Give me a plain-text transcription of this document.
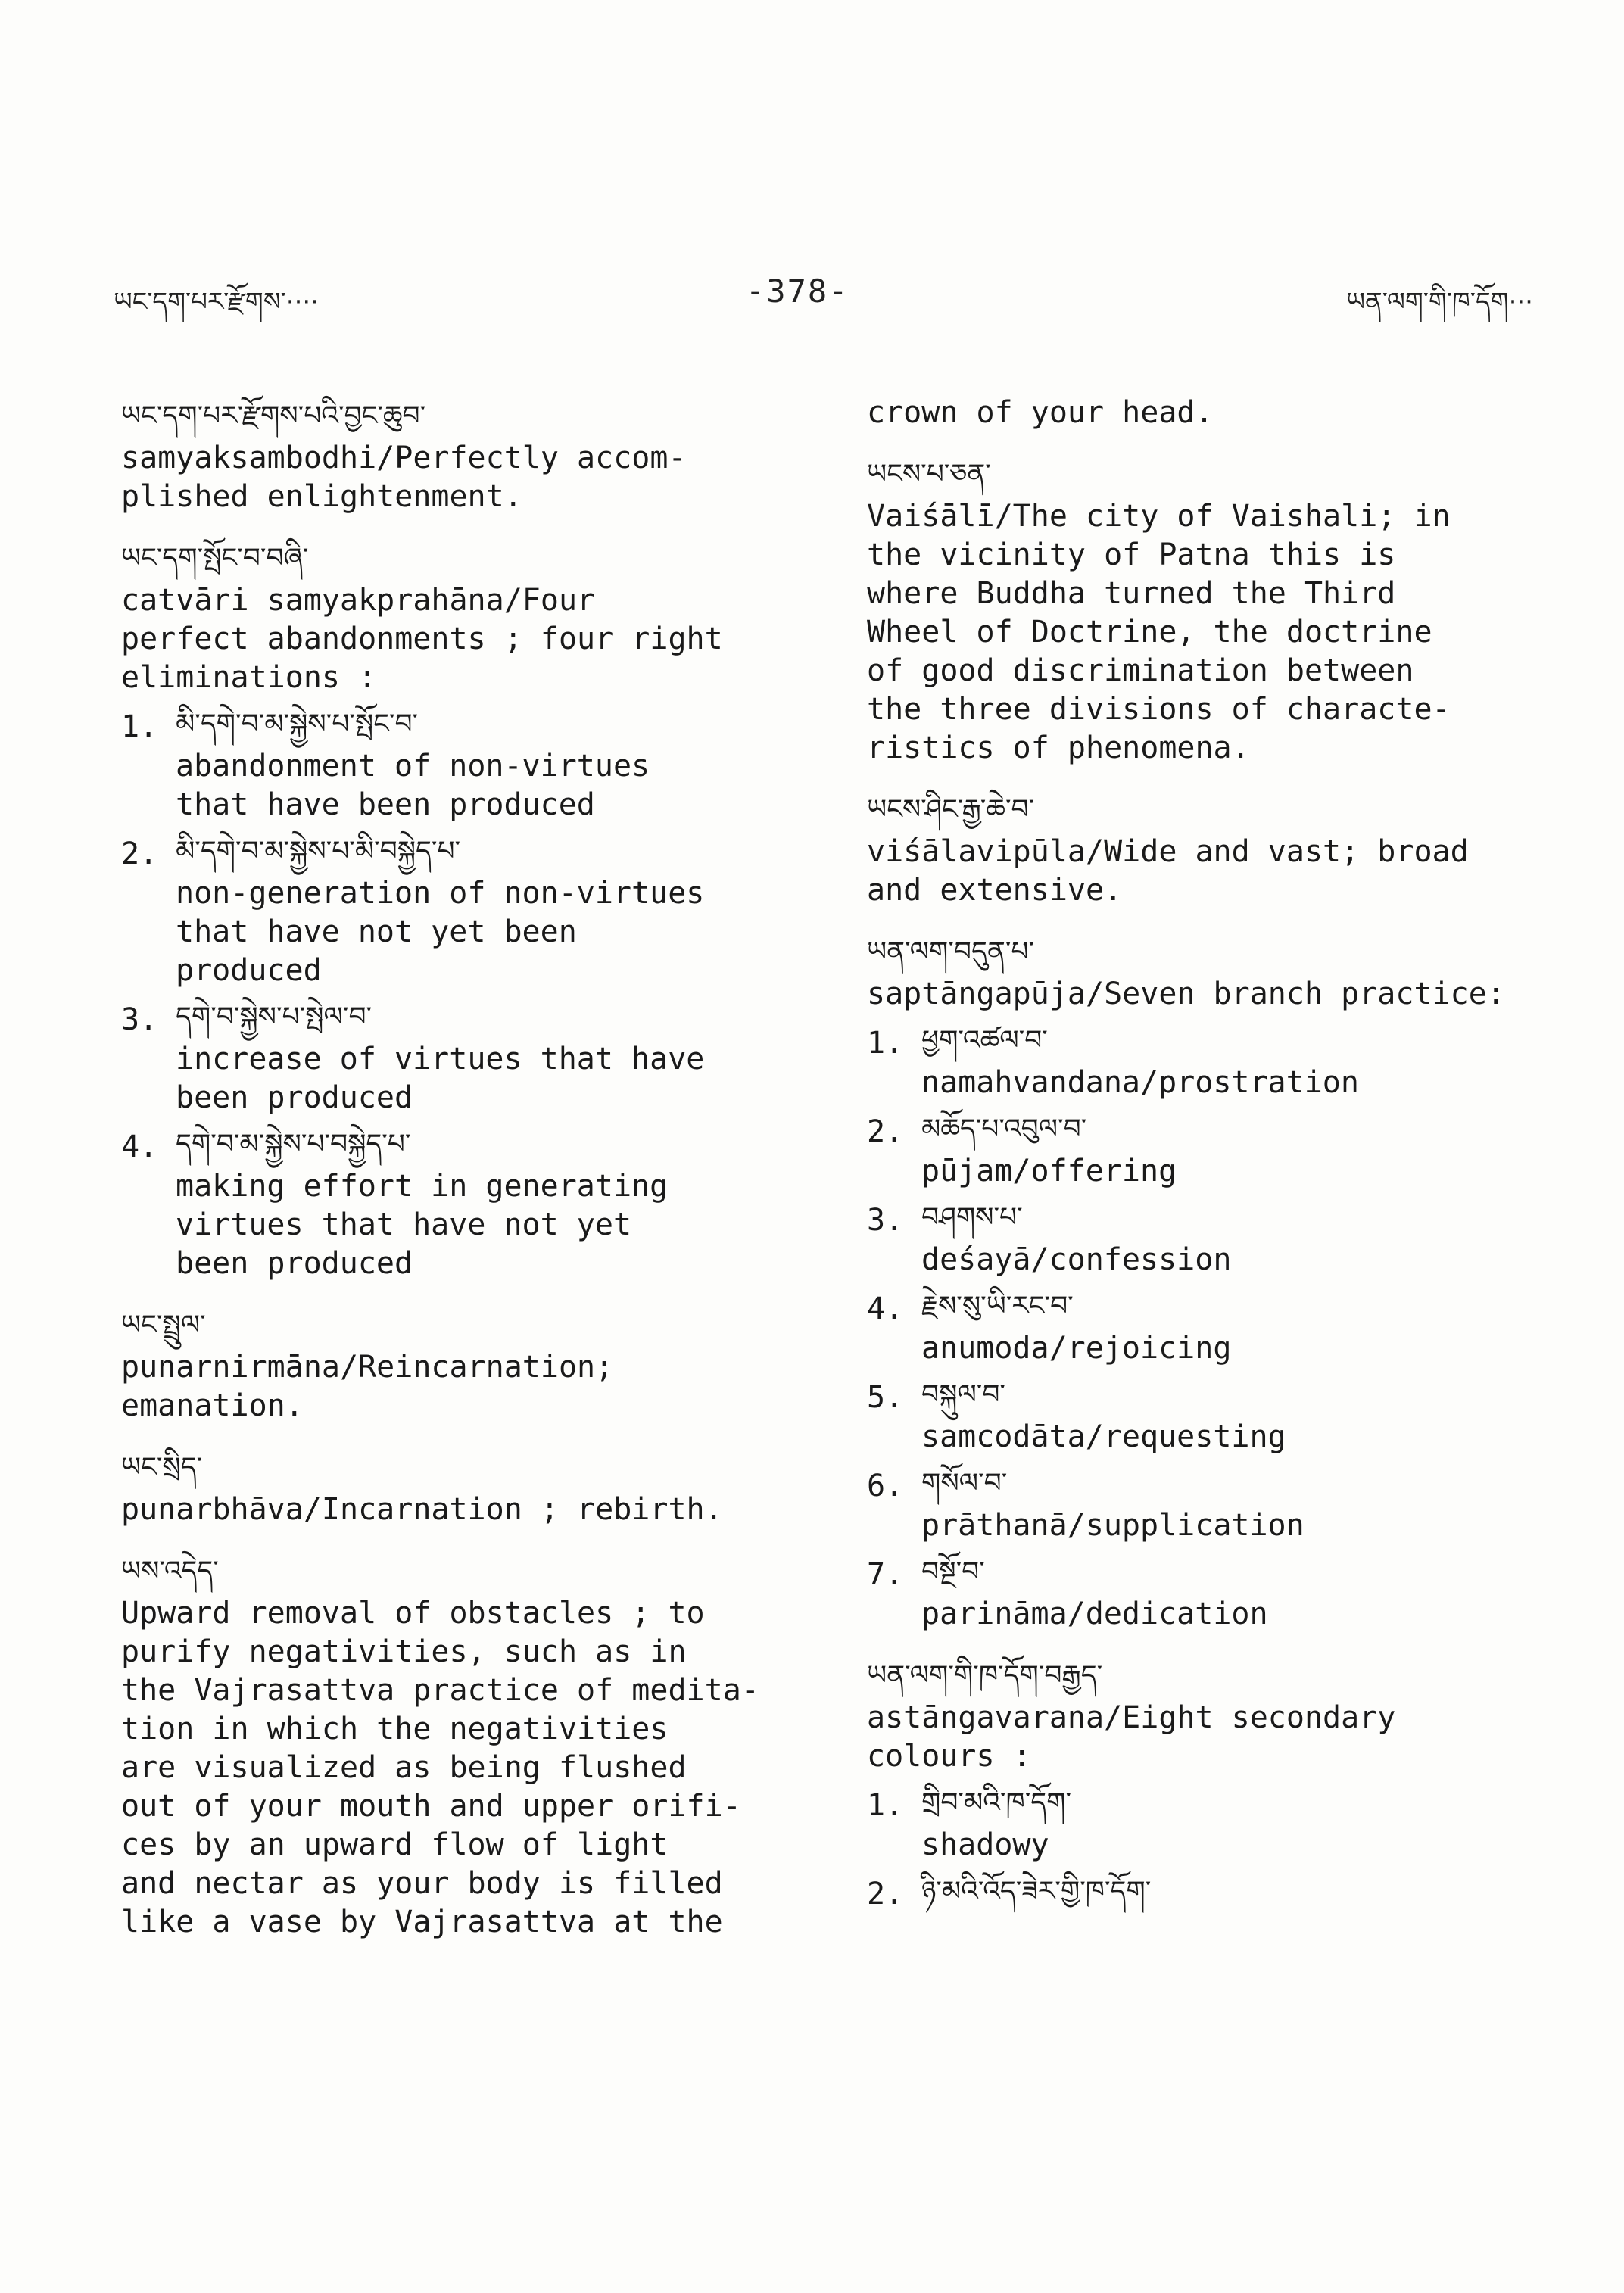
ཡང་དག་པར་རྫོགས་····	-378-	ཡན་ལག་གི་ཁ་དོག···
ཡང་དག་པར་རྫོགས་པའི་བྱང་ཆུབ་
samyaksambodhi/Perfectly accom-
plished enlightenment.
ཡང་དག་སྤོང་བ་བཞི་
catvāri samyakprahāna/Four
perfect abandonments ; four right
eliminations :
1. མི་དགེ་བ་མ་སྐྱེས་པ་སྤོང་བ་
abandonment of non-virtues
that have been produced
2. མི་དགེ་བ་མ་སྐྱེས་པ་མི་བསྐྱེད་པ་
non-generation of non-virtues
that have not yet been
produced
3. དགེ་བ་སྐྱེས་པ་སྤེལ་བ་
increase of virtues that have
been produced
4. དགེ་བ་མ་སྐྱེས་པ་བསྐྱེད་པ་
making effort in generating
virtues that have not yet
been produced
ཡང་སྤྲུལ་
punarnirmāna/Reincarnation;
emanation.
ཡང་སྲིད་
punarbhāva/Incarnation ; rebirth.
ཡས་འདེད་
Upward removal of obstacles ; to
purify negativities, such as in
the Vajrasattva practice of meditа-
tion in which the negativities
are visualized as being flushed
out of your mouth and upper orifi-
ces by an upward flow of light
and nectar as your body is filled
like a vase by Vajrasattva at the
crown of your head.
ཡངས་པ་ཅན་
Vaiśālī/The city of Vaishali; in
the vicinity of Patna this is
where Buddha turned the Third
Wheel of Doctrine, the doctrine
of good discrimination between
the three divisions of characte-
ristics of phenomena.
ཡངས་ཤིང་རྒྱ་ཆེ་བ་
viśālavipūla/Wide and vast; broad
and extensive.
ཡན་ལག་བདུན་པ་
saptāngapūja/Seven branch practice:
1. ཕྱག་འཚལ་བ་
namahvandana/prostration
2. མཆོད་པ་འབུལ་བ་
pūjam/offering
3. བཤགས་པ་
deśayā/confession
4. རྗེས་སུ་ཡི་རང་བ་
anumoda/rejoicing
5. བསྐུལ་བ་
samcodāta/requesting
6. གསོལ་བ་
prāthanā/supplication
7. བསྔོ་བ་
parināma/dedication
ཡན་ལག་གི་ཁ་དོག་བརྒྱད་
astāngavarana/Eight secondary
colours :
1. གྲིབ་མའི་ཁ་དོག་
shadowy
2. ཉི་མའི་འོད་ཟེར་གྱི་ཁ་དོག་
